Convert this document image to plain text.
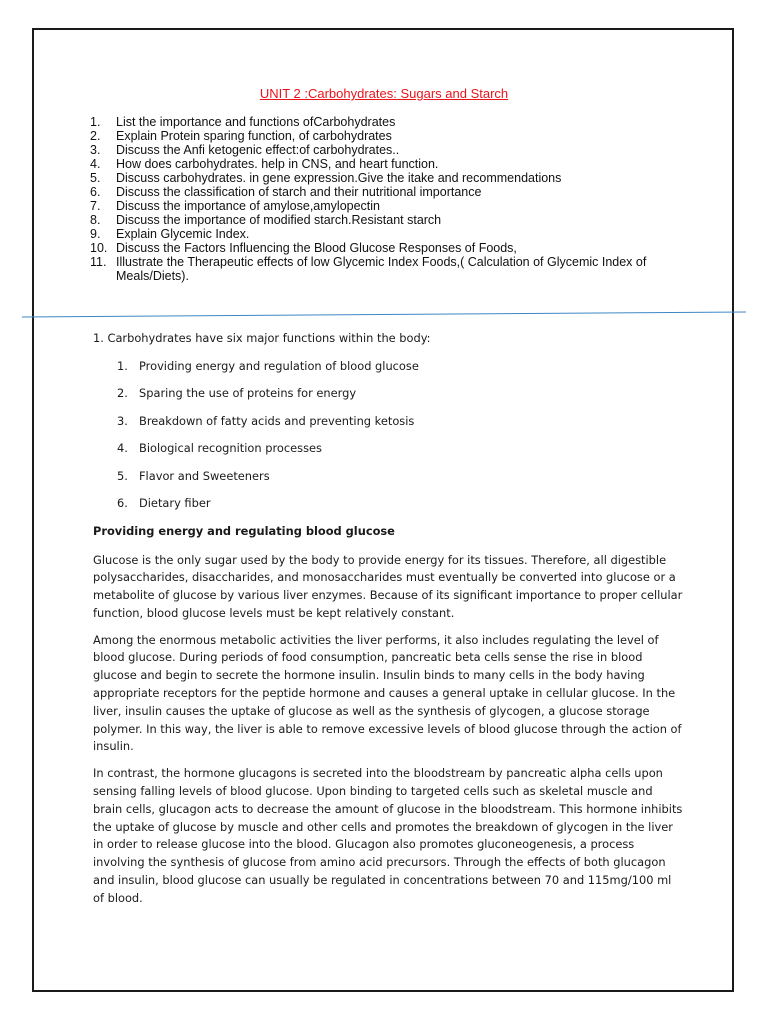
UNIT 2 :Carbohydrates: Sugars and Starch
1. List the importance and functions ofCarbohydrates
2. Explain Protein sparing function, of carbohydrates
3. Discuss the Anfi ketogenic effect:of carbohydrates..
4. How does carbohydrates. help in CNS, and heart function.
5. Discuss carbohydrates. in gene expression.Give the itake and recommendations
6. Discuss the classification of starch and their nutritional importance
7. Discuss the importance of amylose,amylopectin
8. Discuss the importance of modified starch.Resistant starch
9. Explain Glycemic Index.
10. Discuss the Factors Influencing the Blood Glucose Responses of Foods,
11. Illustrate the Therapeutic effects of low Glycemic Index Foods,( Calculation of Glycemic Index of Meals/Diets).

1. Carbohydrates have six major functions within the body:

1. Providing energy and regulation of blood glucose
2. Sparing the use of proteins for energy
3. Breakdown of fatty acids and preventing ketosis
4. Biological recognition processes
5. Flavor and Sweeteners
6. Dietary fiber

Providing energy and regulating blood glucose

Glucose is the only sugar used by the body to provide energy for its tissues. Therefore, all digestible polysaccharides, disaccharides, and monosaccharides must eventually be converted into glucose or a metabolite of glucose by various liver enzymes. Because of its significant importance to proper cellular function, blood glucose levels must be kept relatively constant.

Among the enormous metabolic activities the liver performs, it also includes regulating the level of blood glucose. During periods of food consumption, pancreatic beta cells sense the rise in blood glucose and begin to secrete the hormone insulin. Insulin binds to many cells in the body having appropriate receptors for the peptide hormone and causes a general uptake in cellular glucose. In the liver, insulin causes the uptake of glucose as well as the synthesis of glycogen, a glucose storage polymer. In this way, the liver is able to remove excessive levels of blood glucose through the action of insulin.

In contrast, the hormone glucagons is secreted into the bloodstream by pancreatic alpha cells upon sensing falling levels of blood glucose. Upon binding to targeted cells such as skeletal muscle and brain cells, glucagon acts to decrease the amount of glucose in the bloodstream. This hormone inhibits the uptake of glucose by muscle and other cells and promotes the breakdown of glycogen in the liver in order to release glucose into the blood. Glucagon also promotes gluconeogenesis, a process involving the synthesis of glucose from amino acid precursors. Through the effects of both glucagon and insulin, blood glucose can usually be regulated in concentrations between 70 and 115mg/100 ml of blood.
